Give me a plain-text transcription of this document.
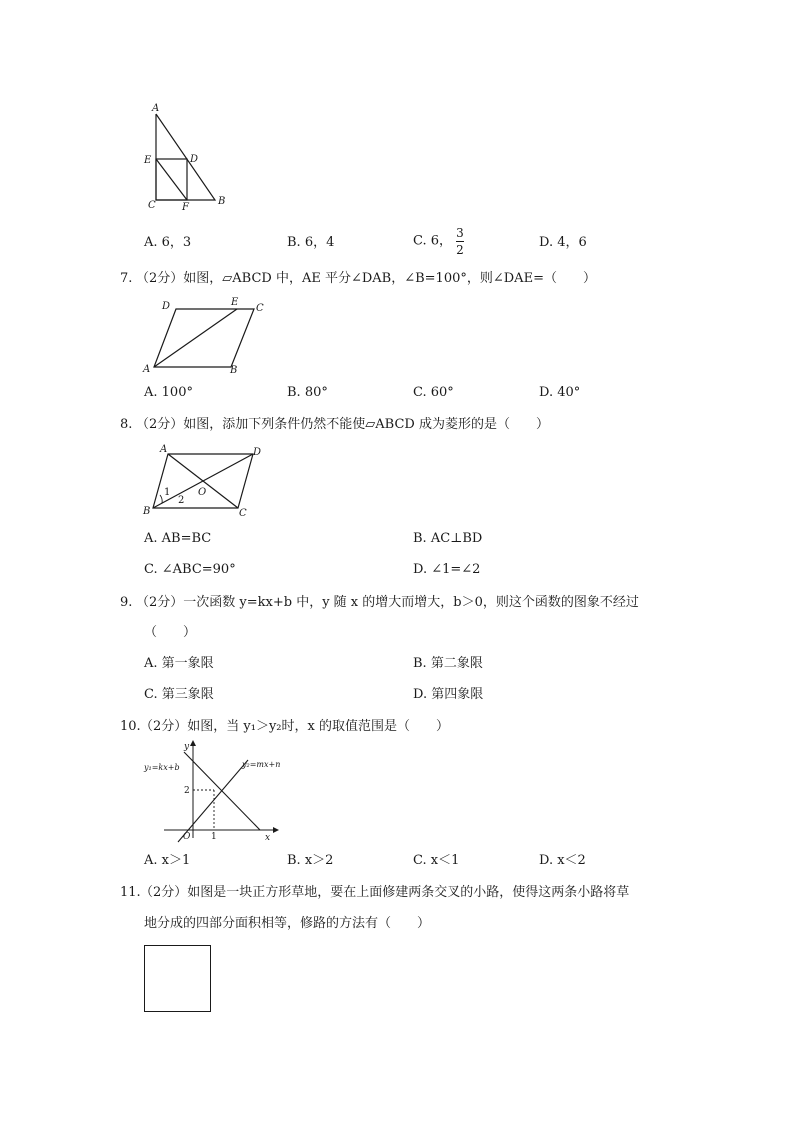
A
E	D
C	F
B
A. 6，3	B. 6，4	C. 6， $\frac{3}{2}$	D. 4，6
7. （2分）如图，▱ABCD 中，AE 平分∠DAB，∠B=100°，则∠DAE=（　　）
D	E
C
A	B
A. 100°	B. 80°	C. 60°	D. 40°
8. （2分）如图，添加下列条件仍然不能使▱ABCD 成为菱形的是（　　）
A	D
O
1
2
B	C
A. AB=BC	B. AC⊥BD
C. ∠ABC=90°	D. ∠1=∠2
9. （2分）一次函数 y=kx+b 中，y 随 x 的增大而增大，b＞0，则这个函数的图象不经过
（　　）
A. 第一象限	B. 第二象限
C. 第三象限	D. 第四象限
10. （2分）如图，当 y₁＞y₂时，x 的取值范围是（　　）
y
x
O
2
1
y₁=kx+b	y₂=mx+n
A. x＞1	B. x＞2	C. x＜1	D. x＜2
11. （2分）如图是一块正方形草地，要在上面修建两条交叉的小路，使得这两条小路将草
地分成的四部分面积相等，修路的方法有（　　）
